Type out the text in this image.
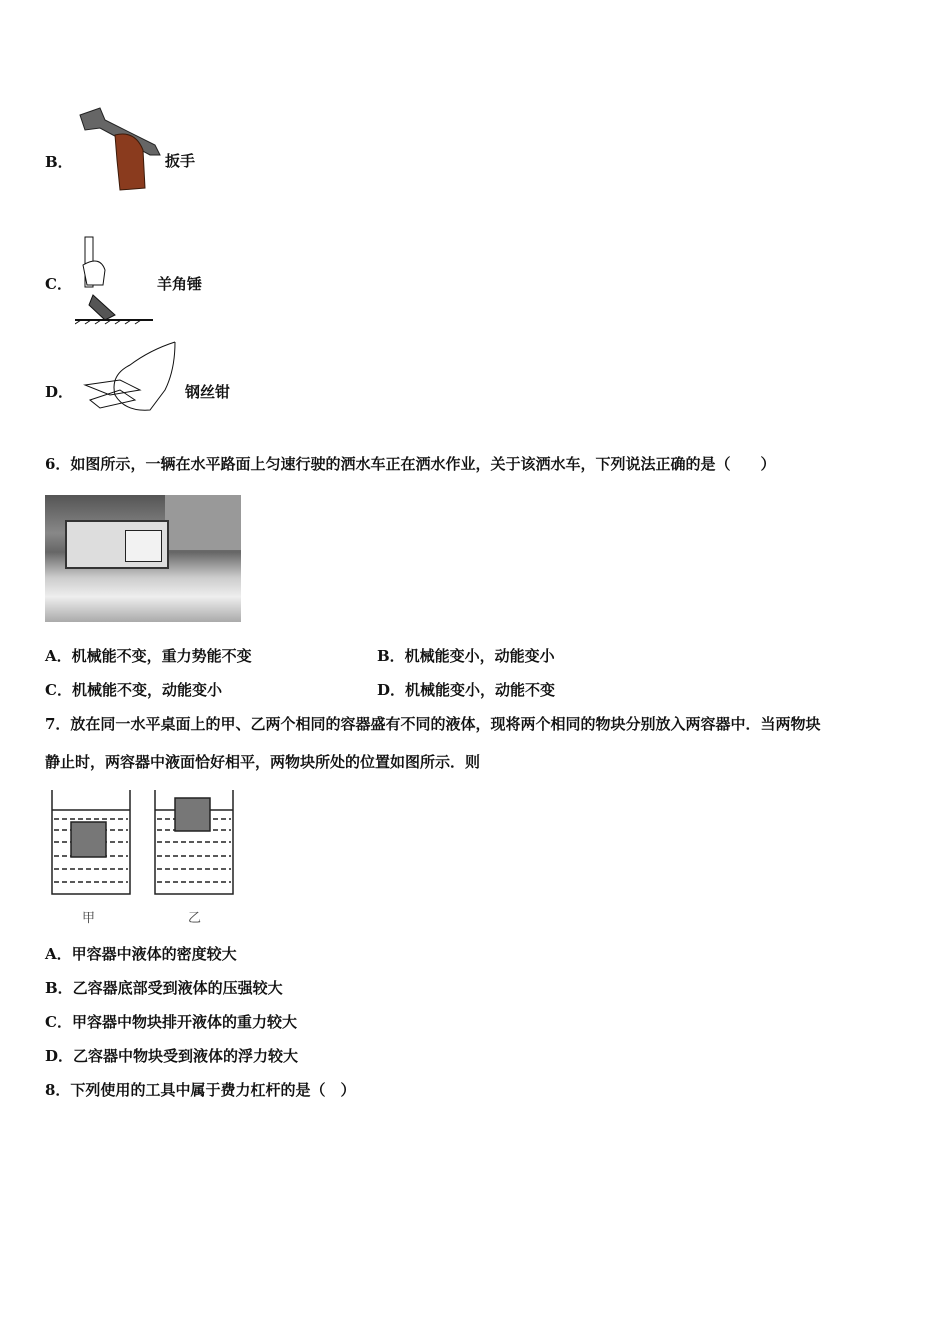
B．	扳手
C．	羊角锤
D．	钢丝钳
6．如图所示，一辆在水平路面上匀速行驶的洒水车正在洒水作业，关于该洒水车，下列说法正确的是（　　）
A．机械能不变，重力势能不变	B．机械能变小，动能变小
C．机械能不变，动能变小	D．机械能变小，动能不变
7．放在同一水平桌面上的甲、乙两个相同的容器盛有不同的液体，现将两个相同的物块分别放入两容器中．当两物块
静止时，两容器中液面恰好相平，两物块所处的位置如图所示．则
甲	乙
A．甲容器中液体的密度较大
B．乙容器底部受到液体的压强较大
C．甲容器中物块排开液体的重力较大
D．乙容器中物块受到液体的浮力较大
8．下列使用的工具中属于费力杠杆的是（　）
